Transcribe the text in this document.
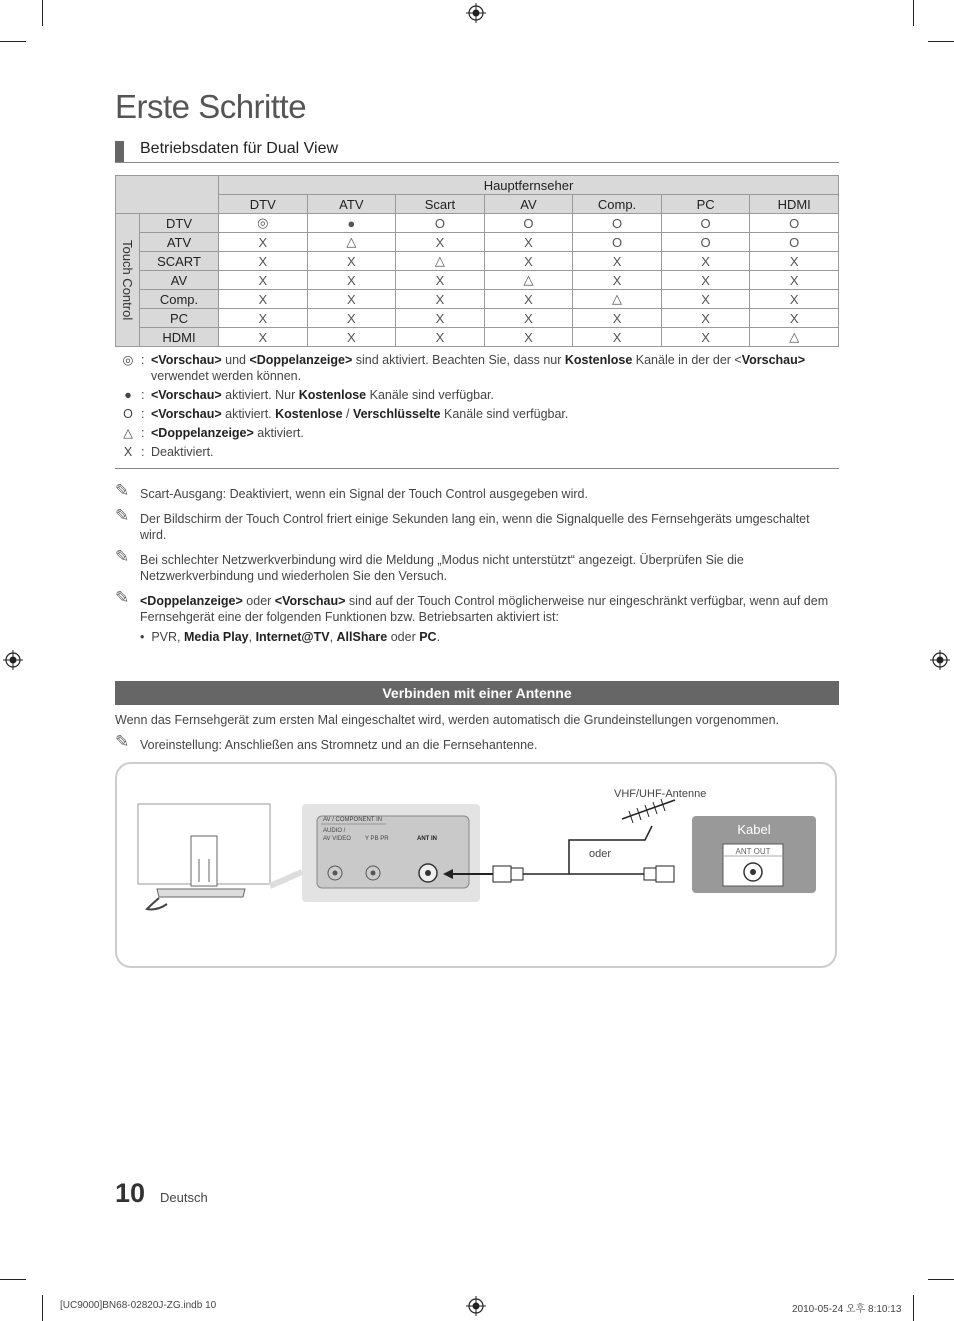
Erste Schritte
Betriebsdaten für Dual View
		Hauptfernseher						
		DTV	ATV	Scart	AV	Comp.	PC	HDMI
Touch Control	DTV	◎	●	O	O	O	O	O
	ATV	X	△	X	X	O	O	O
	SCART	X	X	△	X	X	X	X
	AV	X	X	X	△	X	X	X
	Comp.	X	X	X	X	△	X	X
	PC	X	X	X	X	X	X	X
	HDMI	X	X	X	X	X	X	△
◎ : <Vorschau> und <Doppelanzeige> sind aktiviert. Beachten Sie, dass nur Kostenlose Kanäle in der der <Vorschau> verwendet werden können.
● : <Vorschau> aktiviert. Nur Kostenlose Kanäle sind verfügbar.
O : <Vorschau> aktiviert. Kostenlose / Verschlüsselte Kanäle sind verfügbar.
△ : <Doppelanzeige> aktiviert.
X : Deaktiviert.
✎ Scart-Ausgang: Deaktiviert, wenn ein Signal der Touch Control ausgegeben wird.
✎ Der Bildschirm der Touch Control friert einige Sekunden lang ein, wenn die Signalquelle des Fernsehgeräts umgeschaltet wird.
✎ Bei schlechter Netzwerkverbindung wird die Meldung „Modus nicht unterstützt“ angezeigt. Überprüfen Sie die Netzwerkverbindung und wiederholen Sie den Versuch.
✎ <Doppelanzeige> oder <Vorschau> sind auf der Touch Control möglicherweise nur eingeschränkt verfügbar, wenn auf dem Fernsehgerät eine der folgenden Funktionen bzw. Betriebsarten aktiviert ist:
•  PVR, Media Play, Internet@TV, AllShare oder PC.
Verbinden mit einer Antenne
Wenn das Fernsehgerät zum ersten Mal eingeschaltet wird, werden automatisch die Grundeinstellungen vorgenommen.
✎ Voreinstellung: Anschließen ans Stromnetz und an die Fernsehantenne.
AV / COMPONENT IN
AUDIO /
AV VIDEO Y PB PR	ANT IN
VHF/UHF-Antenne
oder
Kabel
ANT OUT
10 Deutsch
[UC9000]BN68-02820J-ZG.indb 10	2010-05-24 오후 8:10:13
